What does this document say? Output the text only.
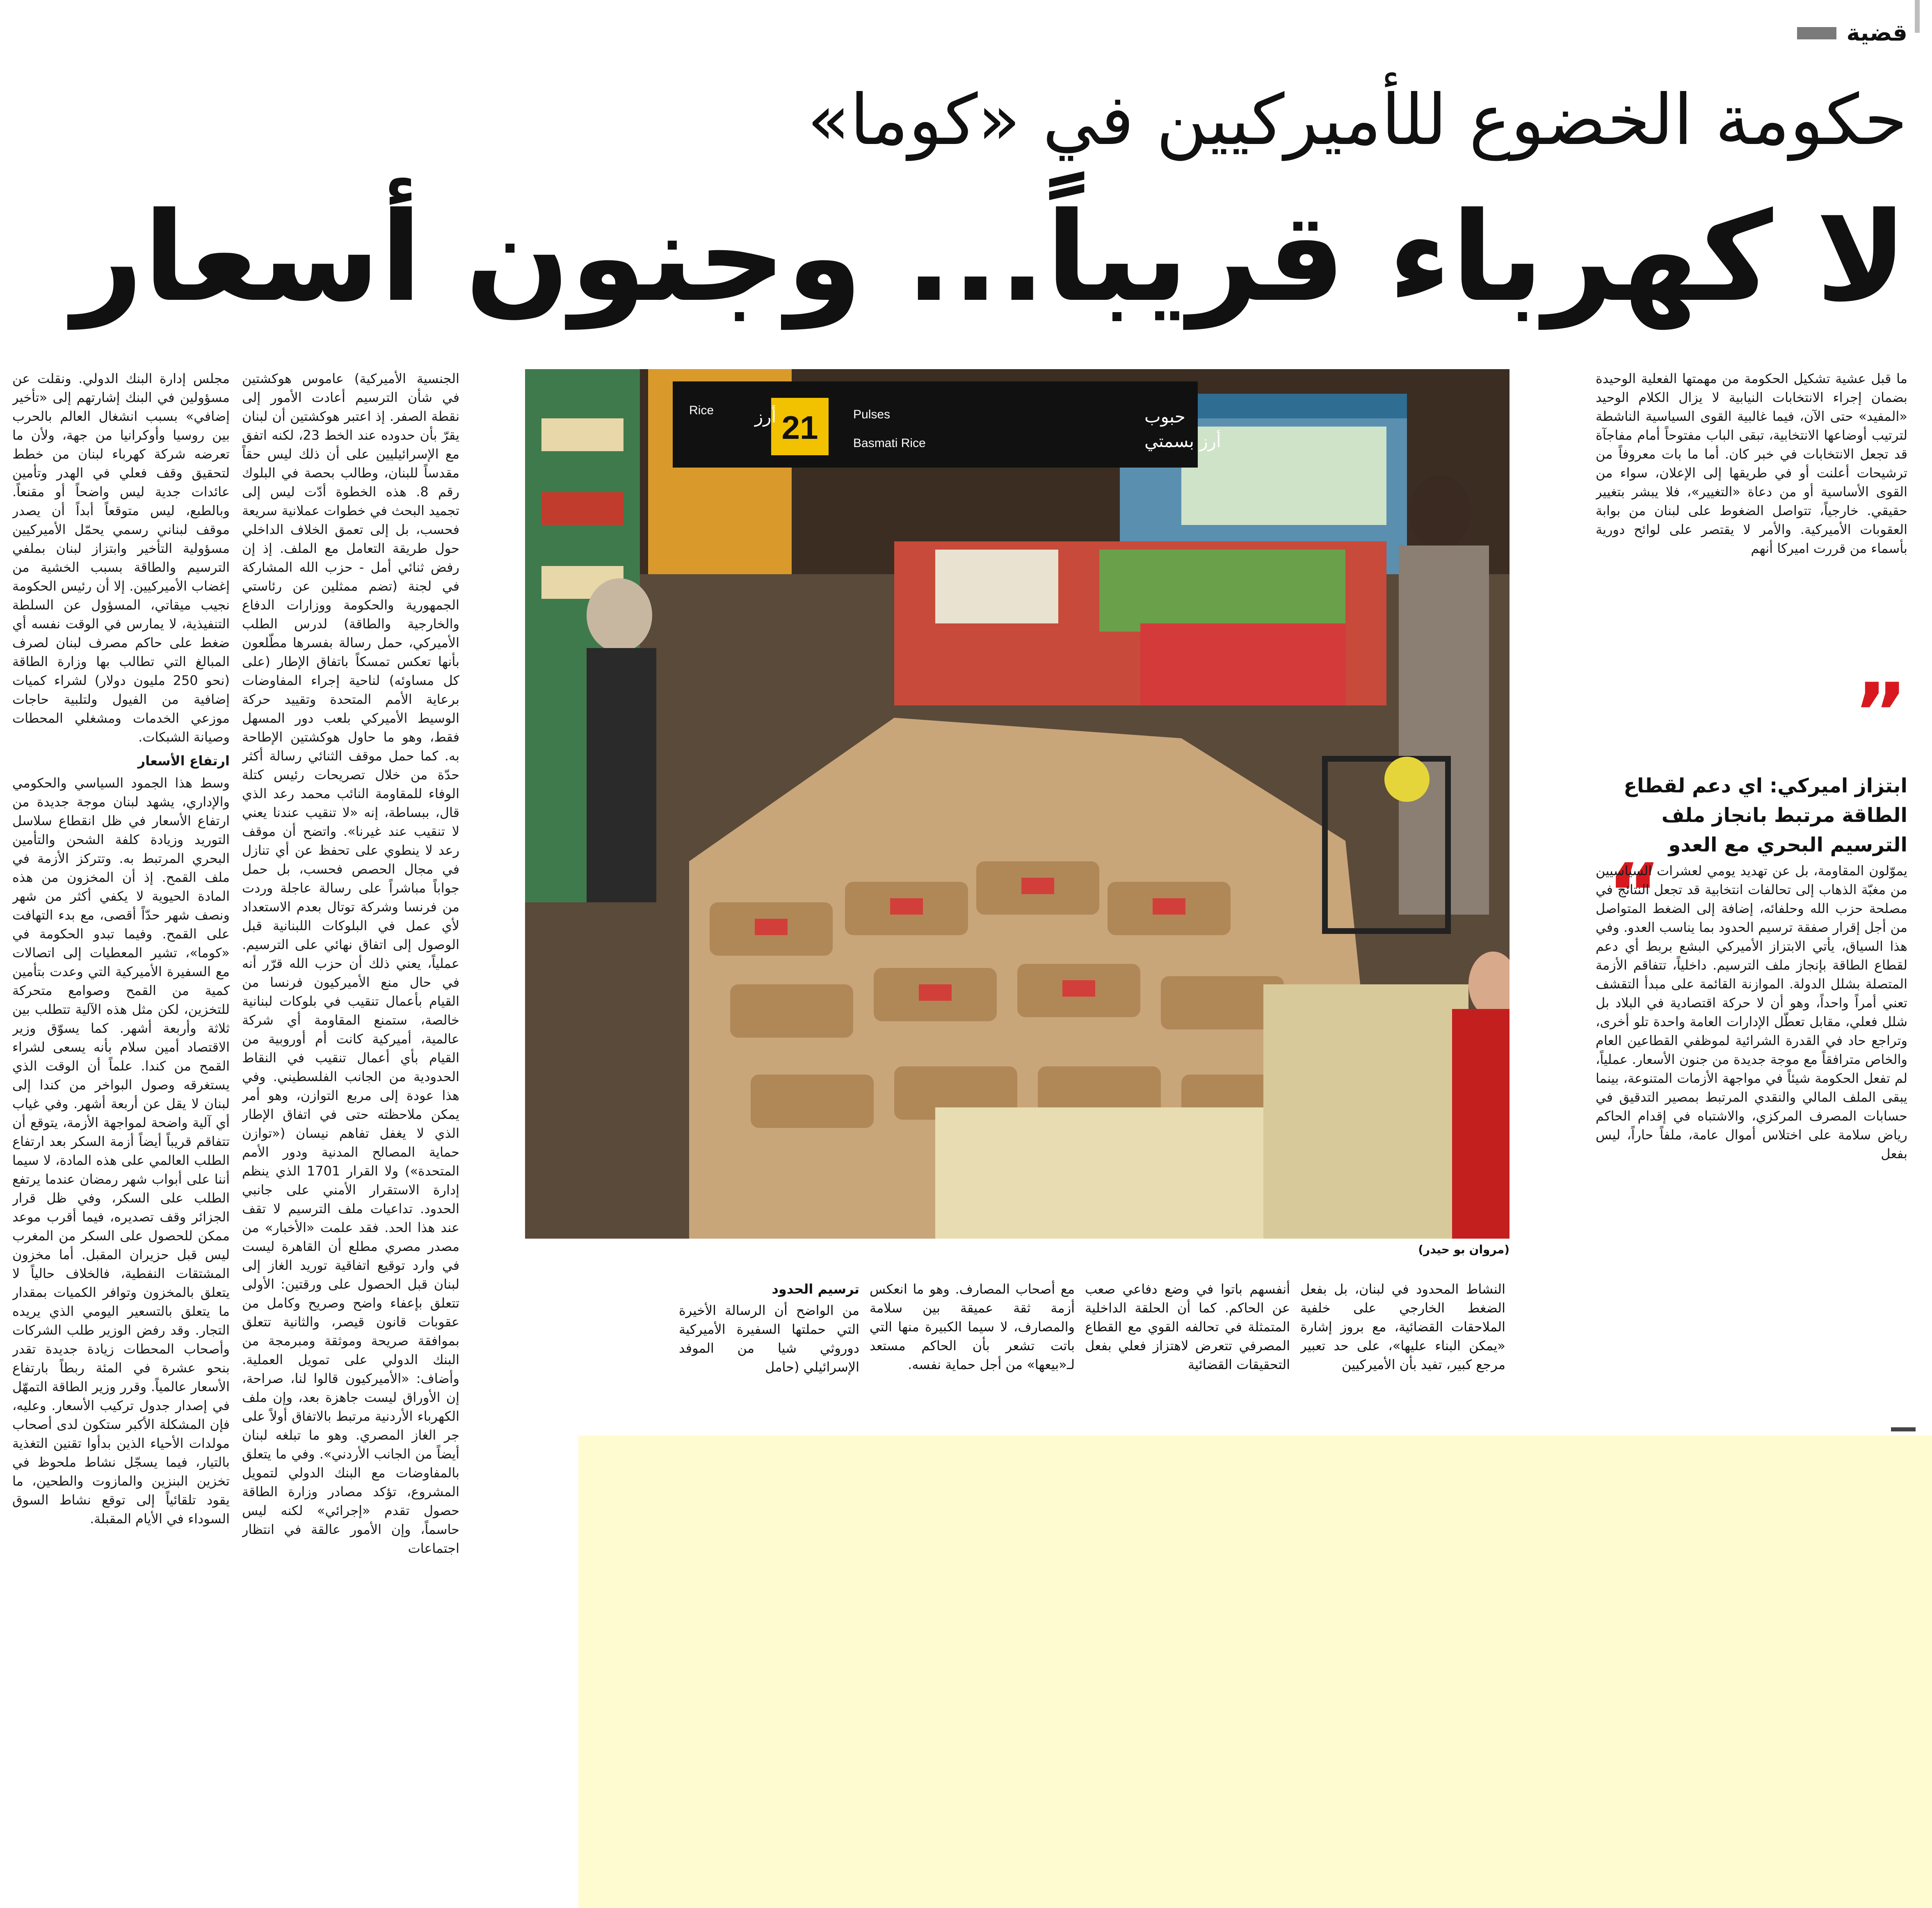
قضية
حكومة الخضوع للأميركيين في «كوما»
لا كهرباء قريباً... وجنون أسعار
21	حبوب
Pulses
أرز بسمتي
Basmati Rice
أرز
Rice
(مروان بو حيدر)

ما قبل عشية تشكيل الحكومة من مهمتها الفعلية الوحيدة بضمان إجراء الانتخابات النيابية لا يزال الكلام الوحيد «المفيد» حتى الآن، فيما غالبية القوى السياسية الناشطة لترتيب أوضاعها الانتخابية، تبقى الباب مفتوحاً أمام مفاجآة قد تجعل الانتخابات في خبر كان. أما ما بات معروفاً من ترشيحات أعلنت أو في طريقها إلى الإعلان، سواء من القوى الأساسية أو من دعاة «التغيير»، فلا يبشر بتغيير حقيقي. خارجياً، تتواصل الضغوط على لبنان من بوابة العقوبات الأميركية. والأمر لا يقتصر على لوائح دورية بأسماء من قررت اميركا أنهم

”
ابتزاز اميركي: اي دعم لقطاع الطاقة مرتبط بانجاز ملف الترسيم البحري مع العدو
“

يموّلون المقاومة، بل عن تهديد يومي لعشرات السياسيين من مغبّة الذهاب إلى تحالفات انتخابية قد تجعل النتائج في مصلحة حزب الله وحلفائه، إضافة إلى الضغط المتواصل من أجل إقرار صفقة ترسيم الحدود بما يناسب العدو. وفي هذا السياق، يأتي الابتزاز الأميركي البشع بربط أي دعم لقطاع الطاقة بإنجاز ملف الترسيم. داخلياً، تتفاقم الأزمة المتصلة بشلل الدولة. الموازنة القائمة على مبدأ التقشف تعني أمراً واحداً، وهو أن لا حركة اقتصادية في البلاد بل شلل فعلي، مقابل تعطّل الإدارات العامة واحدة تلو أخرى، وتراجع حاد في القدرة الشرائية لموظفي القطاعين العام والخاص مترافقاً مع موجة جديدة من جنون الأسعار. عملياً، لم تفعل الحكومة شيئاً في مواجهة الأزمات المتنوعة، بينما يبقى الملف المالي والنقدي المرتبط بمصير التدقيق في حسابات المصرف المركزي، والاشتباه في إقدام الحاكم رياض سلامة على اختلاس أموال عامة، ملفاً حاراً، ليس بفعل

النشاط المحدود في لبنان، بل بفعل الضغط الخارجي على خلفية الملاحقات القضائية، مع بروز إشارة «يمكن البناء عليها»، على حد تعبير مرجع كبير، تفيد بأن الأميركيين

أنفسهم باتوا في وضع دفاعي صعب عن الحاكم. كما أن الحلقة الداخلية المتمثلة في تحالفه القوي مع القطاع المصرفي تتعرض لاهتزاز فعلي بفعل التحقيقات القضائية

مع أصحاب المصارف. وهو ما انعكس أزمة ثقة عميقة بين سلامة والمصارف، لا سيما الكبيرة منها التي باتت تشعر بأن الحاكم مستعد لـ«بيعها» من أجل حماية نفسه.

ترسيم الحدود

من الواضح أن الرسالة الأخيرة التي حملتها السفيرة الأميركية دوروثي شيا من الموفد الإسرائيلي (حامل

الجنسية الأميركية) عاموس هوكشتين في شأن الترسيم أعادت الأمور إلى نقطة الصفر. إذ اعتبر هوكشتين أن لبنان يقرّ بأن حدوده عند الخط 23، لكنه اتفق مع الإسرائيليين على أن ذلك ليس حقاً مقدساً للبنان، وطالب بحصة في البلوك رقم 8. هذه الخطوة أدّت ليس إلى تجميد البحث في خطوات عملانية سريعة فحسب، بل إلى تعمق الخلاف الداخلي حول طريقة التعامل مع الملف. إذ إن رفض ثنائي أمل - حزب الله المشاركة في لجنة (تضم ممثلين عن رئاستي الجمهورية والحكومة ووزارات الدفاع والخارجية والطاقة) لدرس الطلب الأميركي، حمل رسالة بفسرها مطّلعون بأنها تعكس تمسكاً باتفاق الإطار (على كل مساوئه) لناحية إجراء المفاوضات برعاية الأمم المتحدة وتقييد حركة الوسيط الأميركي بلعب دور المسهل فقط، وهو ما حاول هوكشتين الإطاحة به. كما حمل موقف الثنائي رسالة أكثر حدّة من خلال تصريحات رئيس كتلة الوفاء للمقاومة النائب محمد رعد الذي قال، ببساطة، إنه «لا تنقيب عندنا يعني لا تنقيب عند غيرنا». واتضح أن موقف رعد لا ينطوي على تحفظ عن أي تنازل في مجال الحصص فحسب، بل حمل جواباً مباشراً على رسالة عاجلة وردت من فرنسا وشركة توتال بعدم الاستعداد لأي عمل في البلوكات اللبنانية قبل الوصول إلى اتفاق نهائي على الترسيم. عملياً، يعني ذلك أن حزب الله قرّر أنه في حال منع الأميركيون فرنسا من القيام بأعمال تنقيب في بلوكات لبنانية خالصة، ستمنع المقاومة أي شركة عالمية، أميركية كانت أم أوروبية من القيام بأي أعمال تنقيب في النقاط الحدودية من الجانب الفلسطيني. وفي هذا عودة إلى مربع التوازن، وهو أمر يمكن ملاحظته حتى في اتفاق الإطار الذي لا يغفل تفاهم نيسان («توازن حماية المصالح المدنية ودور الأمم المتحدة») ولا القرار 1701 الذي ينظم إدارة الاستقرار الأمني على جانبي الحدود. تداعيات ملف الترسيم لا تقف عند هذا الحد. فقد علمت «الأخبار» من مصدر مصري مطلع أن القاهرة ليست في وارد توقيع اتفاقية توريد الغاز إلى لبنان قبل الحصول على ورقتين: الأولى تتعلق بإعفاء واضح وصريح وكامل من عقوبات قانون قيصر، والثانية تتعلق بموافقة صريحة وموثقة ومبرمجة من البنك الدولي على تمويل العملية. وأضاف: «الأميركيون قالوا لنا، صراحة، إن الأوراق ليست جاهزة بعد، وإن ملف الكهرباء الأردنية مرتبط بالاتفاق أولاً على جر الغاز المصري. وهو ما تبلغه لبنان أيضاً من الجانب الأردني». وفي ما يتعلق بالمفاوضات مع البنك الدولي لتمويل المشروع، تؤكد مصادر وزارة الطاقة حصول تقدم «إجرائي» لكنه ليس حاسماً، وإن الأمور عالقة في انتظار اجتماعات

مجلس إدارة البنك الدولي. ونقلت عن مسؤولين في البنك إشارتهم إلى «تأخير إضافي» بسبب انشغال العالم بالحرب بين روسيا وأوكرانيا من جهة، ولأن ما تعرضه شركة كهرباء لبنان من خطط لتحقيق وقف فعلي في الهدر وتأمين عائدات جدية ليس واضحاً أو مقنعاً. وبالطبع، ليس متوقعاً أبداً أن يصدر موقف لبناني رسمي يحمّل الأميركيين مسؤولية التأخير وابتزاز لبنان بملفي الترسيم والطاقة بسبب الخشية من إغضاب الأميركيين. إلا أن رئيس الحكومة نجيب ميقاتي، المسؤول عن السلطة التنفيذية، لا يمارس في الوقت نفسه أي ضغط على حاكم مصرف لبنان لصرف المبالغ التي تطالب بها وزارة الطاقة (نحو 250 مليون دولار) لشراء كميات إضافية من الفيول ولتلبية حاجات موزعي الخدمات ومشغلي المحطات وصيانة الشبكات.

ارتفاع الأسعار

وسط هذا الجمود السياسي والحكومي والإداري، يشهد لبنان موجة جديدة من ارتفاع الأسعار في ظل انقطاع سلاسل التوريد وزيادة كلفة الشحن والتأمين البحري المرتبط به. وتتركز الأزمة في ملف القمح. إذ أن المخزون من هذه المادة الحيوية لا يكفي أكثر من شهر ونصف شهر حدّاً أقصى، مع بدء التهافت على القمح. وفيما تبدو الحكومة في «كوما»، تشير المعطيات إلى اتصالات مع السفيرة الأميركية التي وعدت بتأمين كمية من القمح وصوامع متحركة للتخزين، لكن مثل هذه الآلية تتطلب بين ثلاثة وأربعة أشهر. كما يسوّق وزير الاقتصاد أمين سلام بأنه يسعى لشراء القمح من كندا. علماً أن الوقت الذي يستغرقه وصول البواخر من كندا إلى لبنان لا يقل عن أربعة أشهر. وفي غياب أي آلية واضحة لمواجهة الأزمة، يتوقع أن تتفاقم قريباً أيضاً أزمة السكر بعد ارتفاع الطلب العالمي على هذه المادة، لا سيما أننا على أبواب شهر رمضان عندما يرتفع الطلب على السكر، وفي ظل قرار الجزائر وقف تصديره، فيما أقرب موعد ممكن للحصول على السكر من المغرب ليس قبل حزيران المقبل. أما مخزون المشتقات النفطية، فالخلاف حالياً لا يتعلق بالمخزون وتوافر الكميات بمقدار ما يتعلق بالتسعير اليومي الذي يريده التجار. وقد رفض الوزير طلب الشركات وأصحاب المحطات زيادة جديدة تقدر بنحو عشرة في المئة ربطاً بارتفاع الأسعار عالمياً. وقرر وزير الطاقة التمهّل في إصدار جدول تركيب الأسعار. وعليه، فإن المشكلة الأكبر ستكون لدى أصحاب مولدات الأحياء الذين بدأوا تقنين التغذية بالتيار، فيما يسجّل نشاط ملحوظ في تخزين البنزين والمازوت والطحين، ما يقود تلقائياً إلى توقع نشاط السوق السوداء في الأيام المقبلة.
